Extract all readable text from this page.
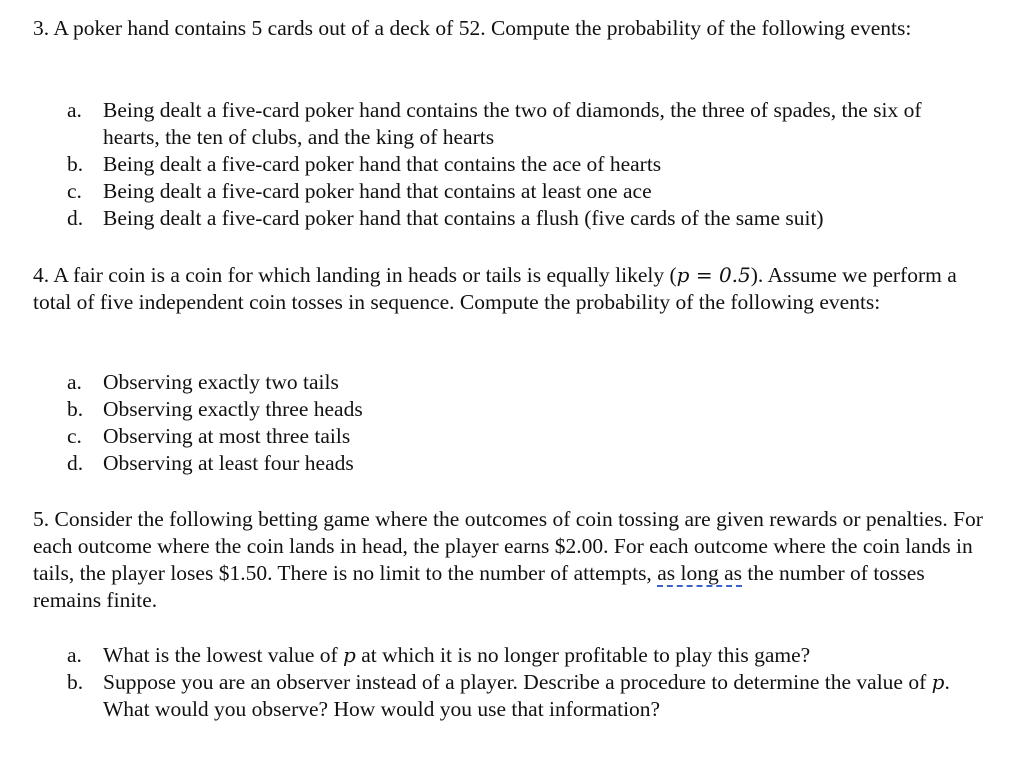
3. A poker hand contains 5 cards out of a deck of 52. Compute the probability of the following events:

a. Being dealt a five-card poker hand contains the two of diamonds, the three of spades, the six of hearts, the ten of clubs, and the king of hearts
b. Being dealt a five-card poker hand that contains the ace of hearts
c. Being dealt a five-card poker hand that contains at least one ace
d. Being dealt a five-card poker hand that contains a flush (five cards of the same suit)

4. A fair coin is a coin for which landing in heads or tails is equally likely (p = 0.5). Assume we perform a total of five independent coin tosses in sequence. Compute the probability of the following events:

a. Observing exactly two tails
b. Observing exactly three heads
c. Observing at most three tails
d. Observing at least four heads

5. Consider the following betting game where the outcomes of coin tossing are given rewards or penalties. For each outcome where the coin lands in head, the player earns $2.00. For each outcome where the coin lands in tails, the player loses $1.50. There is no limit to the number of attempts, as long as the number of tosses remains finite.

a. What is the lowest value of p at which it is no longer profitable to play this game?
b. Suppose you are an observer instead of a player. Describe a procedure to determine the value of p. What would you observe? How would you use that information?
